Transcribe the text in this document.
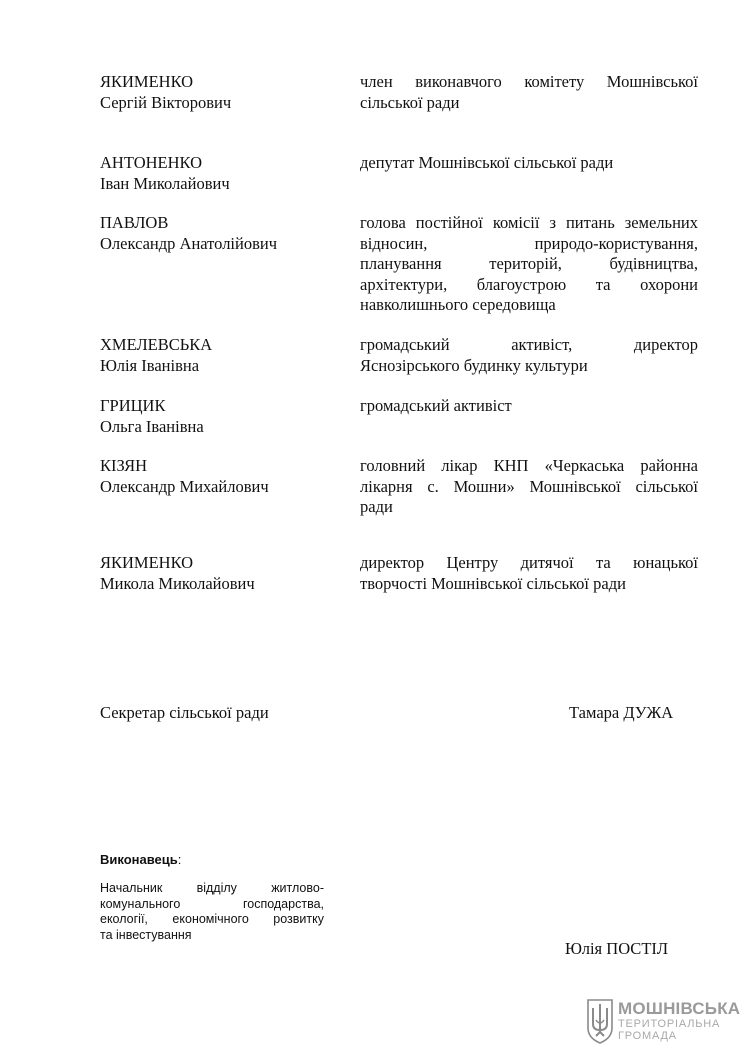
ЯКИМЕНКО
Сергій Вікторович
член виконавчого комітету Мошнівської
сільської ради
АНТОНЕНКО
Іван Миколайович
депутат Мошнівської сільської ради
ПАВЛОВ
Олександр Анатолійович
голова постійної комісії з питань земельних
відносин, природо-користування,
планування територій, будівництва,
архітектури, благоустрою та охорони
навколишнього середовища
ХМЕЛЕВСЬКА
Юлія Іванівна
громадський активіст, директор
Яснозірського будинку культури
ГРИЦИК
Ольга Іванівна
громадський активіст
КІЗЯН
Олександр Михайлович
головний лікар КНП «Черкаська районна
лікарня с. Мошни» Мошнівської сільської
ради
ЯКИМЕНКО
Микола Миколайович
директор Центру дитячої та юнацької
творчості Мошнівської сільської ради
Секретар сільської ради	Тамара ДУЖА
Виконавець:
Начальник відділу житлово-
комунального господарства,
екології, економічного розвитку
та інвестування
Юлія ПОСТІЛ
МОШНІВСЬКА
ТЕРИТОРІАЛЬНА
ГРОМАДА
